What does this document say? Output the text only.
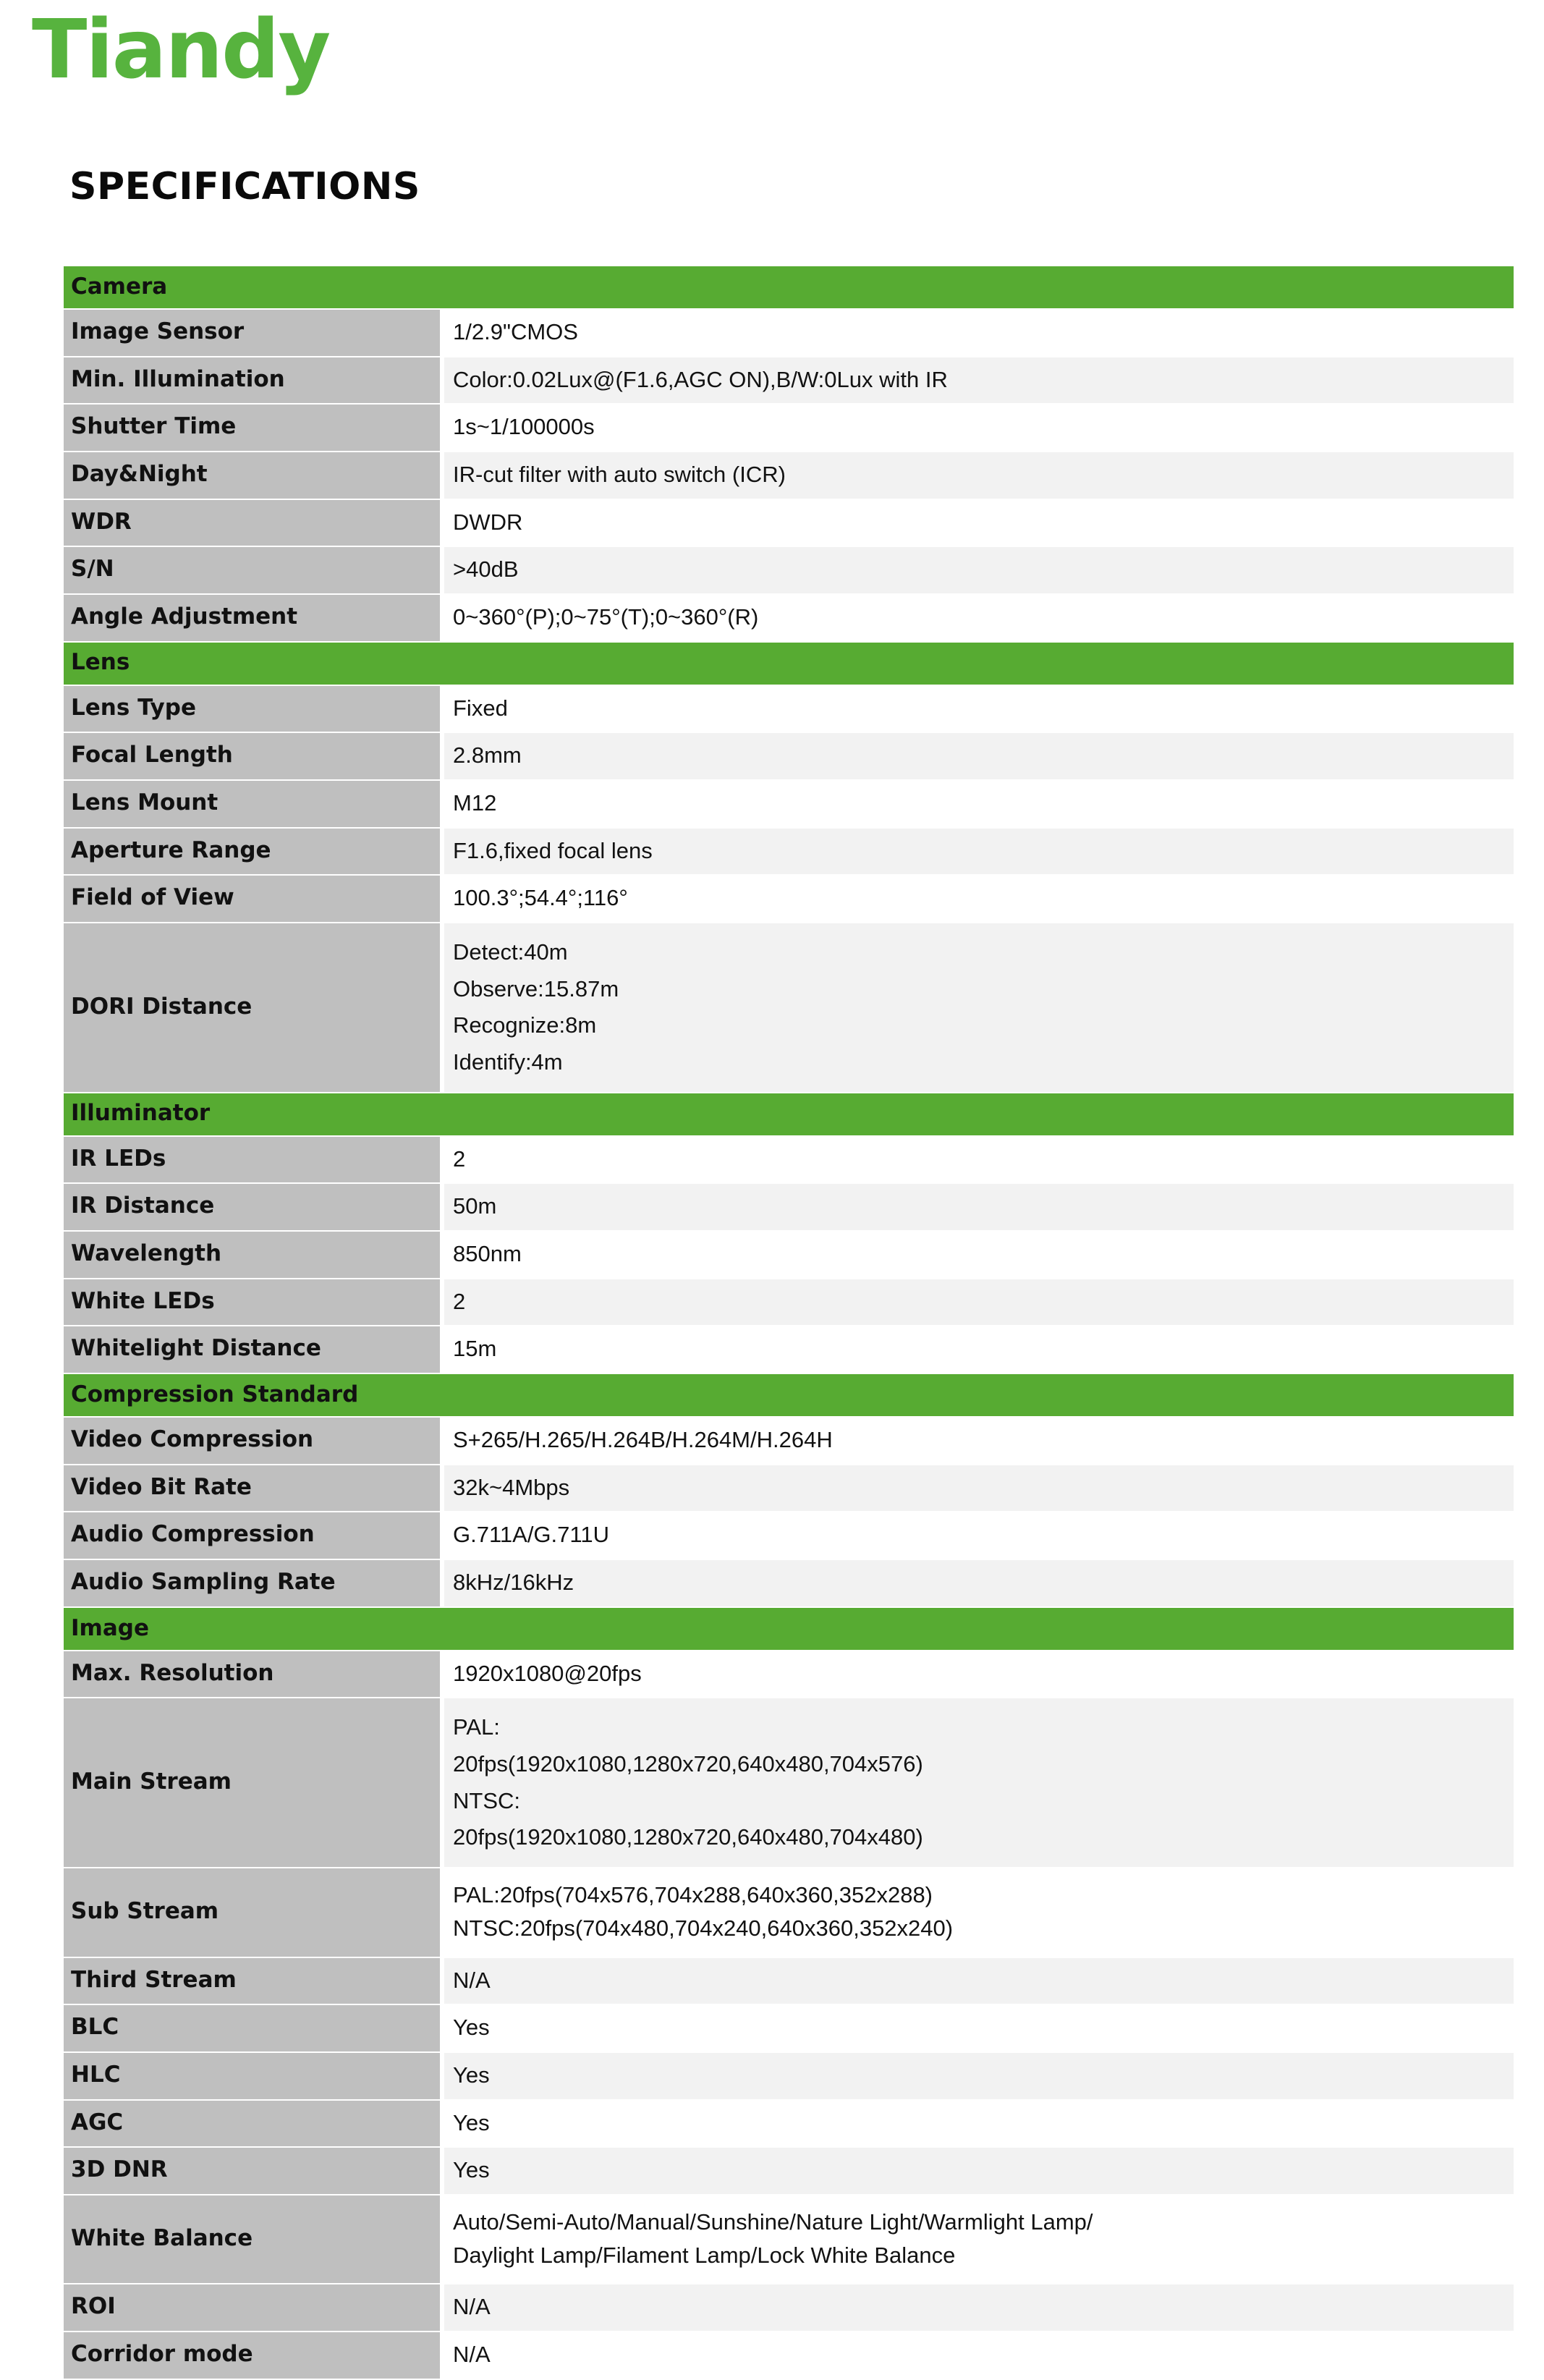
Tiandy
SPECIFICATIONS
Camera	
Image Sensor	1/2.9"CMOS

Min. Illumination	Color:0.02Lux@(F1.6,AGC ON),B/W:0Lux with IR

Shutter Time	1s~1/100000s

Day&Night	IR-cut filter with auto switch (ICR)

WDR	DWDR

S/N	>40dB

Angle Adjustment	0~360°(P);0~75°(T);0~360°(R)

Lens	
Lens Type	Fixed

Focal Length	2.8mm

Lens Mount	M12

Aperture Range	F1.6,fixed focal lens

Field of View	100.3°;54.4°;116°

DORI Distance	Detect:40m
Observe:15.87m
Recognize:8m
Identify:4m

Illuminator	
IR LEDs	2

IR Distance	50m

Wavelength	850nm

White LEDs	2

Whitelight Distance	15m

Compression Standard	
Video Compression	S+265/H.265/H.264B/H.264M/H.264H

Video Bit Rate	32k~4Mbps

Audio Compression	G.711A/G.711U

Audio Sampling Rate	8kHz/16kHz

Image	
Max. Resolution	1920x1080@20fps

Main Stream	PAL:
20fps(1920x1080,1280x720,640x480,704x576)
NTSC:
20fps(1920x1080,1280x720,640x480,704x480)

Sub Stream	PAL:20fps(704x576,704x288,640x360,352x288)
NTSC:20fps(704x480,704x240,640x360,352x240)

Third Stream	N/A

BLC	Yes

HLC	Yes

AGC	Yes

3D DNR	Yes

White Balance	Auto/Semi-Auto/Manual/Sunshine/Nature Light/Warmlight Lamp/
Daylight Lamp/Filament Lamp/Lock White Balance

ROI	N/A

Corridor mode	N/A
